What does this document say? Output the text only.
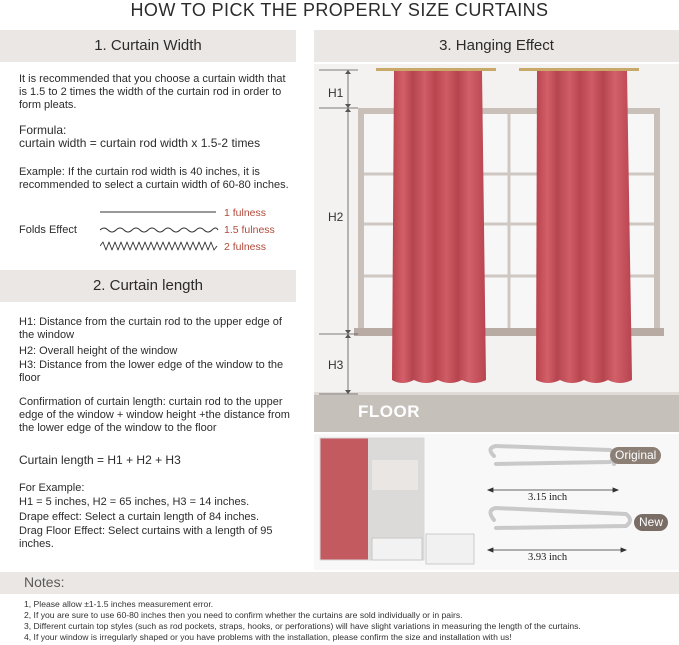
HOW TO PICK THE PROPERLY SIZE CURTAINS
1. Curtain Width
It is recommended that you choose a curtain width that is 1.5 to 2 times the width of the curtain rod in order to form pleats.
Formula:
curtain width = curtain rod width x 1.5-2 times
Example: If the curtain rod width is 40 inches, it is recommended to select a curtain width of 60-80 inches.
Folds Effect
1 fulness
1.5 fulness
2 fulness
2. Curtain length
H1: Distance from the curtain rod to the upper edge of the window
H2: Overall height of the window
H3: Distance from the lower edge of the window to the floor
Confirmation of curtain length: curtain rod to the upper edge of the window + window height +the distance from the lower edge of the window to the floor
Curtain length = H1 + H2 + H3
For Example:
H1 = 5 inches, H2 = 65 inches, H3 = 14 inches.
Drape effect: Select a curtain length of 84 inches.
Drag Floor Effect: Select curtains with a length of 95 inches.
3. Hanging Effect
H1
H2
H3
FLOOR
Original
3.15 inch
New
3.93 inch
Notes:
1, Please allow ±1-1.5 inches measurement error.
2, If you are sure to use 60-80 inches then you need to confirm whether the curtains are sold individually or in pairs.
3, Different curtain top styles (such as rod pockets, straps, hooks, or perforations) will have slight variations in measuring the length of the curtains.
4, If your window is irregularly shaped or you have problems with the installation, please confirm the size and installation with us!
